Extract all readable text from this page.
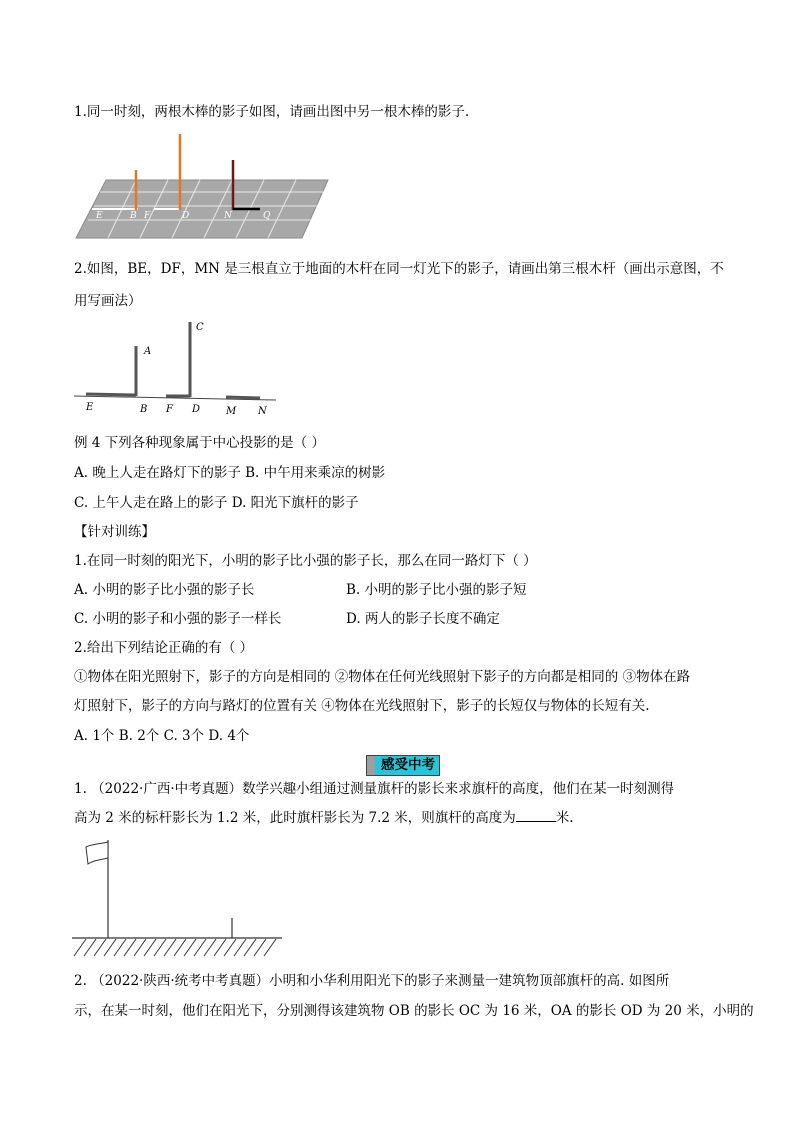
1.同一时刻，两根木棒的影子如图，请画出图中另一根木棒的影子.
E	B F	D	N	Q
2.如图，BE，DF，MN 是三根直立于地面的木杆在同一灯光下的影子，请画出第三根木杆（画出示意图，不
用写画法）
A
C
E	B F D	M N
例 4 下列各种现象属于中心投影的是（ ）
A. 晚上人走在路灯下的影子 B. 中午用来乘凉的树影
C. 上午人走在路上的影子 D. 阳光下旗杆的影子
【针对训练】
1.在同一时刻的阳光下，小明的影子比小强的影子长，那么在同一路灯下（ ）
A. 小明的影子比小强的影子长	B. 小明的影子比小强的影子短
C. 小明的影子和小强的影子一样长	D. 两人的影子长度不确定
2.给出下列结论正确的有（ ）
①物体在阳光照射下，影子的方向是相同的 ②物体在任何光线照射下影子的方向都是相同的 ③物体在路
灯照射下，影子的方向与路灯的位置有关 ④物体在光线照射下，影子的长短仅与物体的长短有关.
A. 1个 B. 2个 C. 3个 D. 4个
感受中考
1. （2022·广西·中考真题）数学兴趣小组通过测量旗杆的影长来求旗杆的高度，他们在某一时刻测得
高为 2 米的标杆影长为 1.2 米，此时旗杆影长为 7.2 米，则旗杆的高度为	米.
2. （2022·陕西·统考中考真题）小明和小华利用阳光下的影子来测量一建筑物顶部旗杆的高. 如图所
示，在某一时刻，他们在阳光下，分别测得该建筑物 OB 的影长 OC 为 16 米，OA 的影长 OD 为 20 米，小明的
